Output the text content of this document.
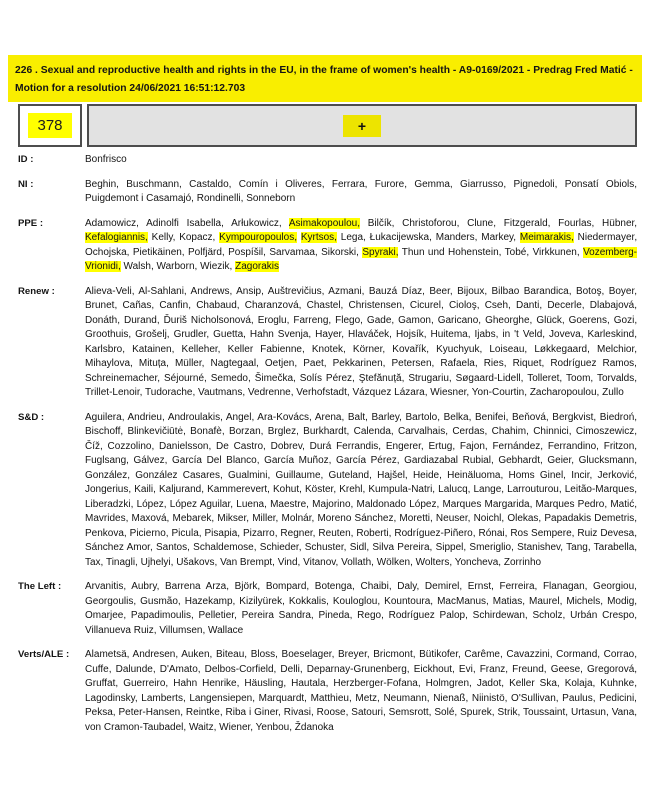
226 . Sexual and reproductive health and rights in the EU, in the frame of women's health - A9-0169/2021 - Predrag Fred Matić - Motion for a resolution 24/06/2021 16:51:12.703
378	+
ID :	Bonfrisco
NI :	Beghin, Buschmann, Castaldo, Comín i Oliveres, Ferrara, Furore, Gemma, Giarrusso, Pignedoli, Ponsatí Obiols, Puigdemont i Casamajó, Rondinelli, Sonneborn
PPE :	Adamowicz, Adinolfi Isabella, Arłukowicz, Asimakopoulou, Bilčík, Christoforou, Clune, Fitzgerald, Fourlas, Hübner, Kefalogiannis, Kelly, Kopacz, Kympouropoulos, Kyrtsos, Lega, Łukacijewska, Manders, Markey, Meimarakis, Niedermayer, Ochojska, Pietikäinen, Polfjärd, Pospíšil, Sarvamaa, Sikorski, Spyraki, Thun und Hohenstein, Tobé, Virkkunen, Vozemberg-Vrionidi, Walsh, Warborn, Wiezik, Zagorakis
Renew :	Alieva-Veli, Al-Sahlani, Andrews, Ansip, Auštrevičius, Azmani, Bauzá Díaz, Beer, Bijoux, Bilbao Barandica, Botoş, Boyer, Brunet, Cañas, Canfin, Chabaud, Charanzová, Chastel, Christensen, Cicurel, Cioloş, Cseh, Danti, Decerle, Dlabajová, Donáth, Durand, Ďuriš Nicholsonová, Eroglu, Farreng, Flego, Gade, Gamon, Garicano, Gheorghe, Glück, Goerens, Gozi, Groothuis, Grošelj, Grudler, Guetta, Hahn Svenja, Hayer, Hlaváček, Hojsík, Huitema, Ijabs, in 't Veld, Joveva, Karleskind, Karlsbro, Katainen, Kelleher, Keller Fabienne, Knotek, Körner, Kovařík, Kyuchyuk, Loiseau, Løkkegaard, Melchior, Mihaylova, Mituța, Müller, Nagtegaal, Oetjen, Paet, Pekkarinen, Petersen, Rafaela, Ries, Riquet, Rodríguez Ramos, Schreinemacher, Séjourné, Semedo, Šimečka, Solís Pérez, Ştefănuță, Strugariu, Søgaard-Lidell, Tolleret, Toom, Torvalds, Trillet-Lenoir, Tudorache, Vautmans, Vedrenne, Verhofstadt, Vázquez Lázara, Wiesner, Yon-Courtin, Zacharopoulou, Zullo
S&D :	Aguilera, Andrieu, Androulakis, Angel, Ara-Kovács, Arena, Balt, Barley, Bartolo, Belka, Benifei, Beňová, Bergkvist, Biedroń, Bischoff, Blinkevičiūtė, Bonafè, Borzan, Brglez, Burkhardt, Calenda, Carvalhais, Cerdas, Chahim, Chinnici, Cimoszewicz, Číž, Cozzolino, Danielsson, De Castro, Dobrev, Durá Ferrandis, Engerer, Ertug, Fajon, Fernández, Ferrandino, Fritzon, Fuglsang, Gálvez, García Del Blanco, García Muñoz, García Pérez, Gardiazabal Rubial, Gebhardt, Geier, Glucksmann, González, González Casares, Gualmini, Guillaume, Guteland, Hajšel, Heide, Heinäluoma, Homs Ginel, Incir, Jerković, Jongerius, Kaili, Kaljurand, Kammerevert, Kohut, Köster, Krehl, Kumpula-Natri, Lalucq, Lange, Larrouturou, Leitão-Marques, Liberadzki, López, López Aguilar, Luena, Maestre, Majorino, Maldonado López, Marques Margarida, Marques Pedro, Matić, Mavrides, Maxová, Mebarek, Mikser, Miller, Molnár, Moreno Sánchez, Moretti, Neuser, Noichl, Olekas, Papadakis Demetris, Penkova, Picierno, Picula, Pisapia, Pizarro, Regner, Reuten, Roberti, Rodríguez-Piñero, Rónai, Ros Sempere, Ruiz Devesa, Sánchez Amor, Santos, Schaldemose, Schieder, Schuster, Sidl, Silva Pereira, Sippel, Smeriglio, Stanishev, Tang, Tarabella, Tax, Tinagli, Ujhelyi, Ušakovs, Van Brempt, Vind, Vitanov, Vollath, Wölken, Wolters, Yoncheva, Zorrinho
The Left :	Arvanitis, Aubry, Barrena Arza, Björk, Bompard, Botenga, Chaibi, Daly, Demirel, Ernst, Ferreira, Flanagan, Georgiou, Georgoulis, Gusmão, Hazekamp, Kizilyürek, Kokkalis, Kouloglou, Kountoura, MacManus, Matias, Maurel, Michels, Modig, Omarjee, Papadimoulis, Pelletier, Pereira Sandra, Pineda, Rego, Rodríguez Palop, Schirdewan, Scholz, Urbán Crespo, Villanueva Ruiz, Villumsen, Wallace
Verts/ALE :	Alametsä, Andresen, Auken, Biteau, Bloss, Boeselager, Breyer, Bricmont, Bütikofer, Carême, Cavazzini, Cormand, Corrao, Cuffe, Dalunde, D'Amato, Delbos-Corfield, Delli, Deparnay-Grunenberg, Eickhout, Evi, Franz, Freund, Geese, Gregorová, Gruffat, Guerreiro, Hahn Henrike, Häusling, Hautala, Herzberger-Fofana, Holmgren, Jadot, Keller Ska, Kolaja, Kuhnke, Lagodinsky, Lamberts, Langensiepen, Marquardt, Matthieu, Metz, Neumann, Nienaß, Niinistö, O'Sullivan, Paulus, Pedicini, Peksa, Peter-Hansen, Reintke, Riba i Giner, Rivasi, Roose, Satouri, Semsrott, Solé, Spurek, Strik, Toussaint, Urtasun, Vana, von Cramon-Taubadel, Waitz, Wiener, Yenbou, Ždanoka
